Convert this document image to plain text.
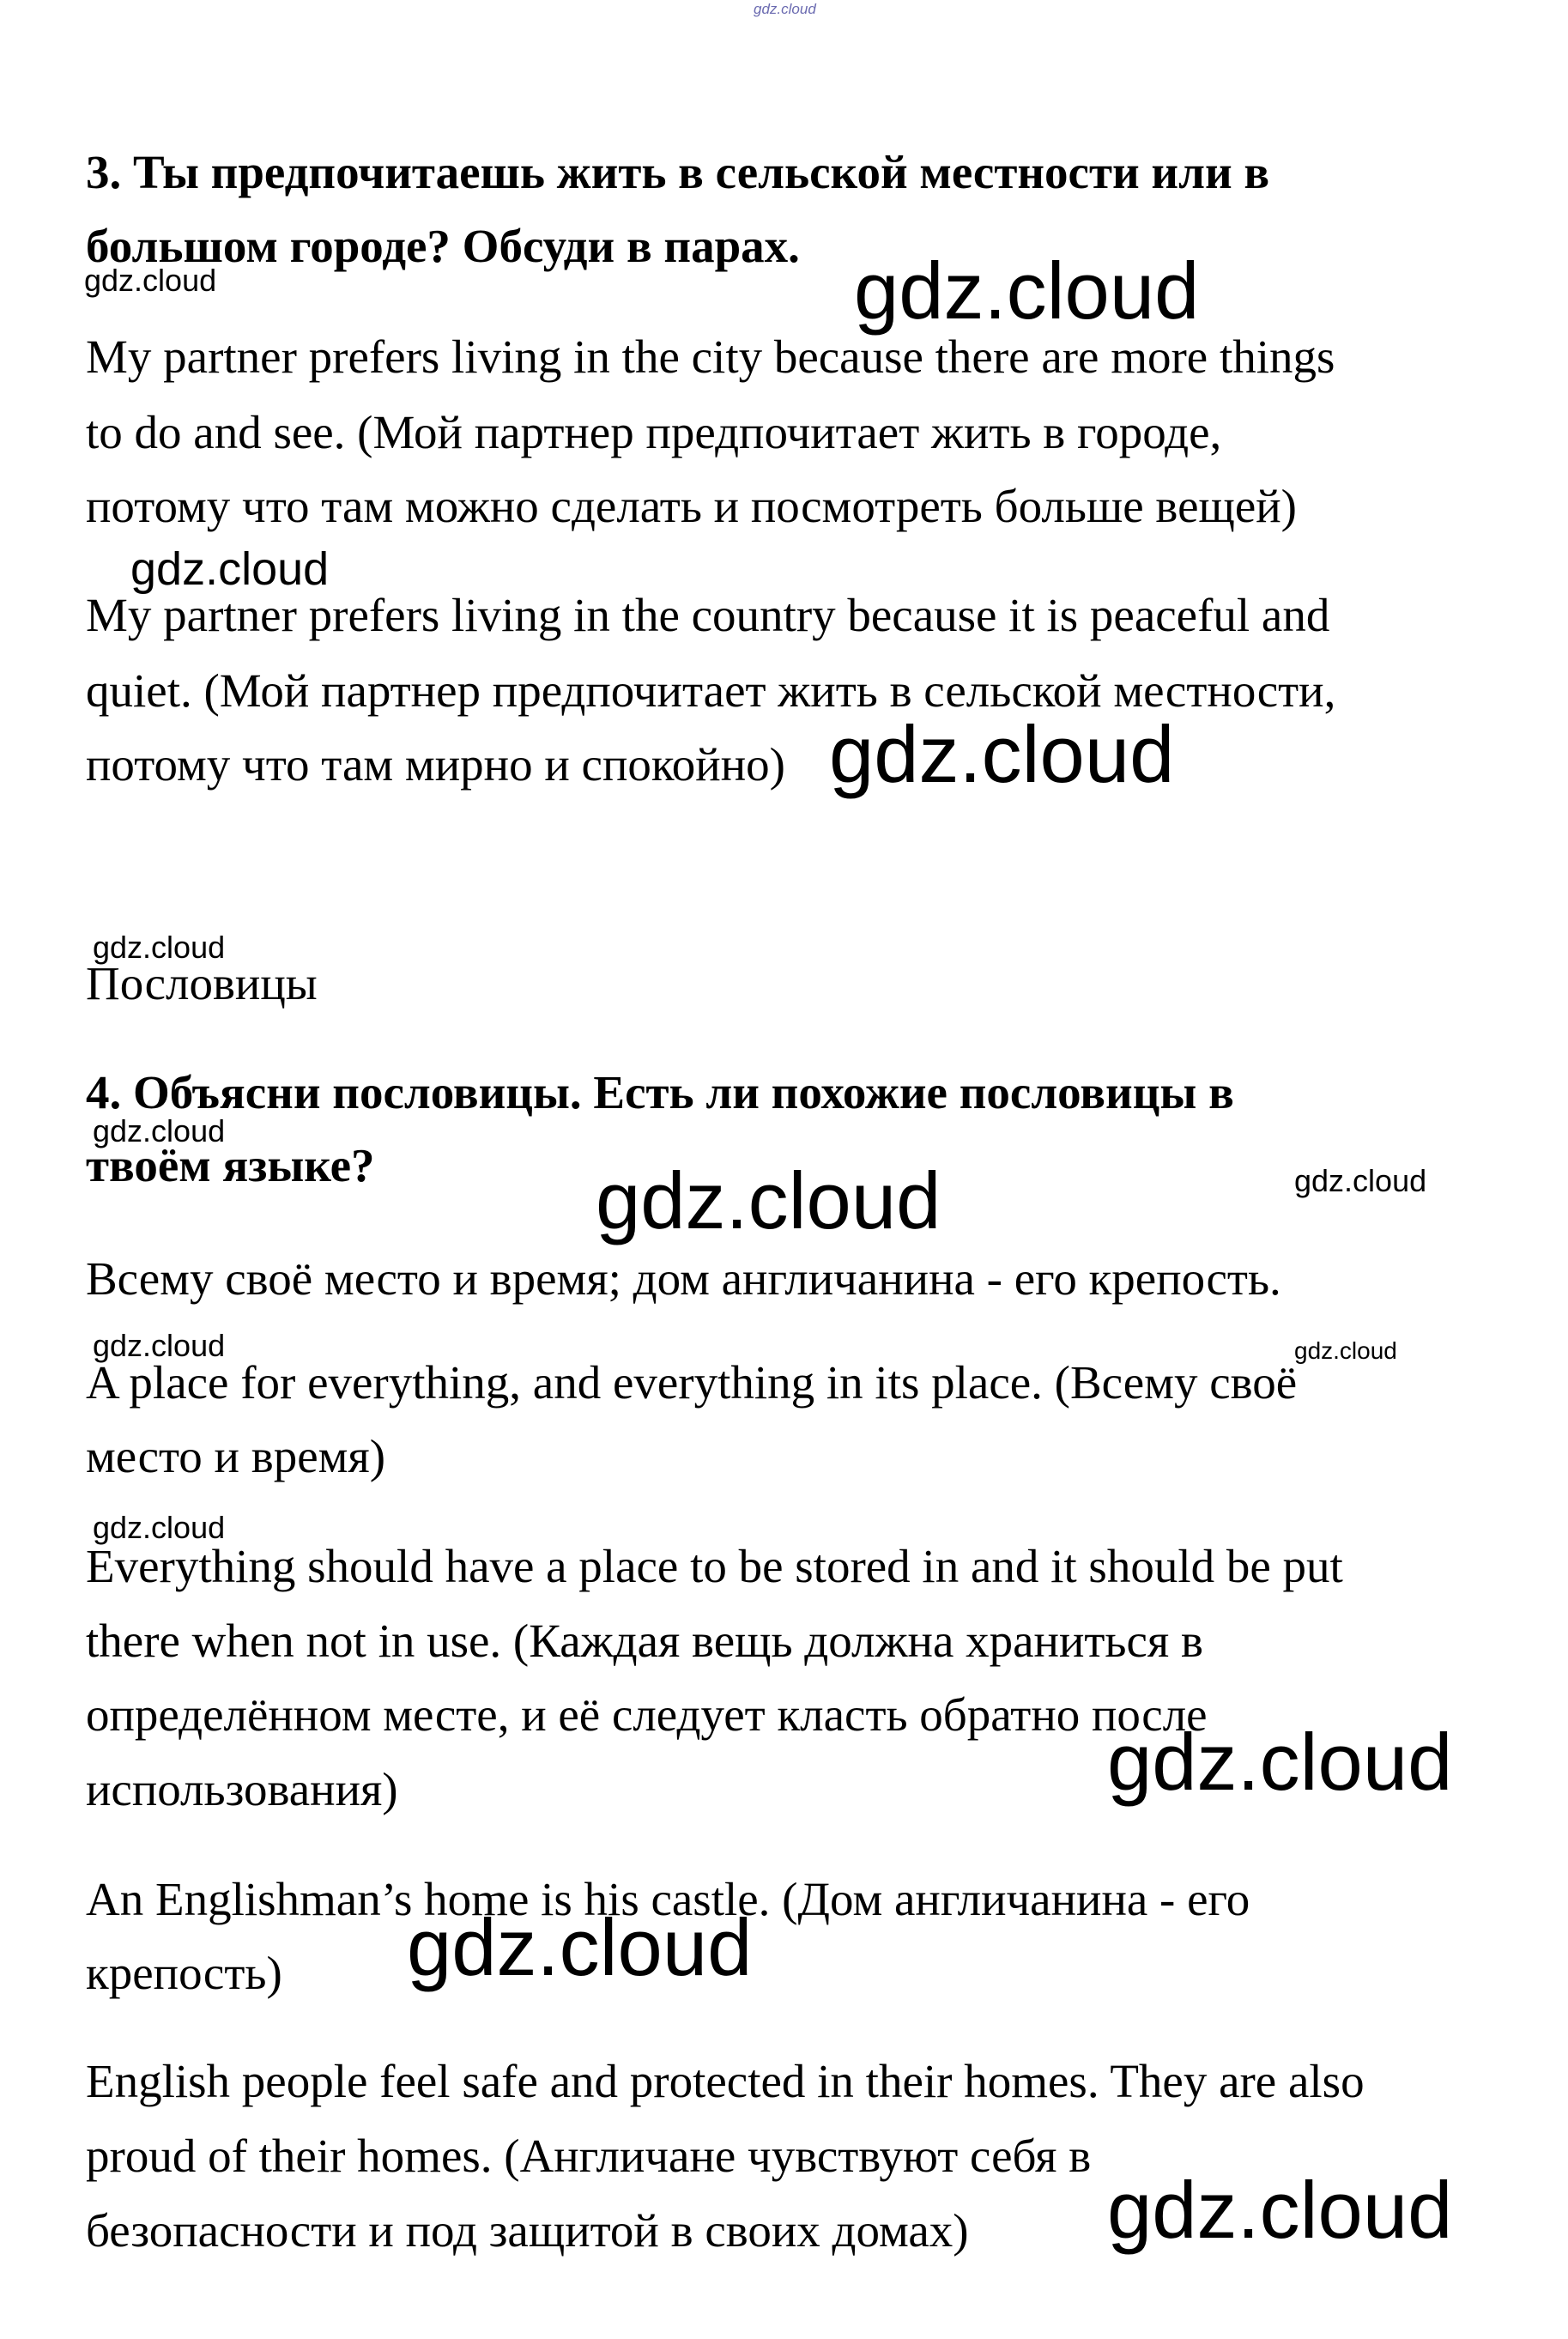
gdz.cloud
3. Ты предпочитаешь жить в сельской местности или в
большом городе? Обсуди в парах.
gdz.cloud	gdz.cloud
My partner prefers living in the city because there are more things
to do and see. (Мой партнер предпочитает жить в городе,
потому что там можно сделать и посмотреть больше вещей)
gdz.cloud
My partner prefers living in the country because it is peaceful and
quiet. (Мой партнер предпочитает жить в сельской местности,
потому что там мирно и спокойно) gdz.cloud
gdz.cloud
Пословицы
4. Объясни пословицы. Есть ли похожие пословицы в
gdz.cloud
твоём языке?	gdz.cloud	gdz.cloud
Всему своё место и время; дом англичанина - его крепость.
gdz.cloud	gdz.cloud
A place for everything, and everything in its place. (Всему своё
место и время)
gdz.cloud
Everything should have a place to be stored in and it should be put
there when not in use. (Каждая вещь должна храниться в
определённом месте, и её следует класть обратно после
использования)	gdz.cloud
An Englishman’s home is his castle. (Дом англичанина - его
крепость) gdz.cloud
English people feel safe and protected in their homes. They are also
proud of their homes. (Англичане чувствуют себя в
безопасности и под защитой в своих домах) gdz.cloud
